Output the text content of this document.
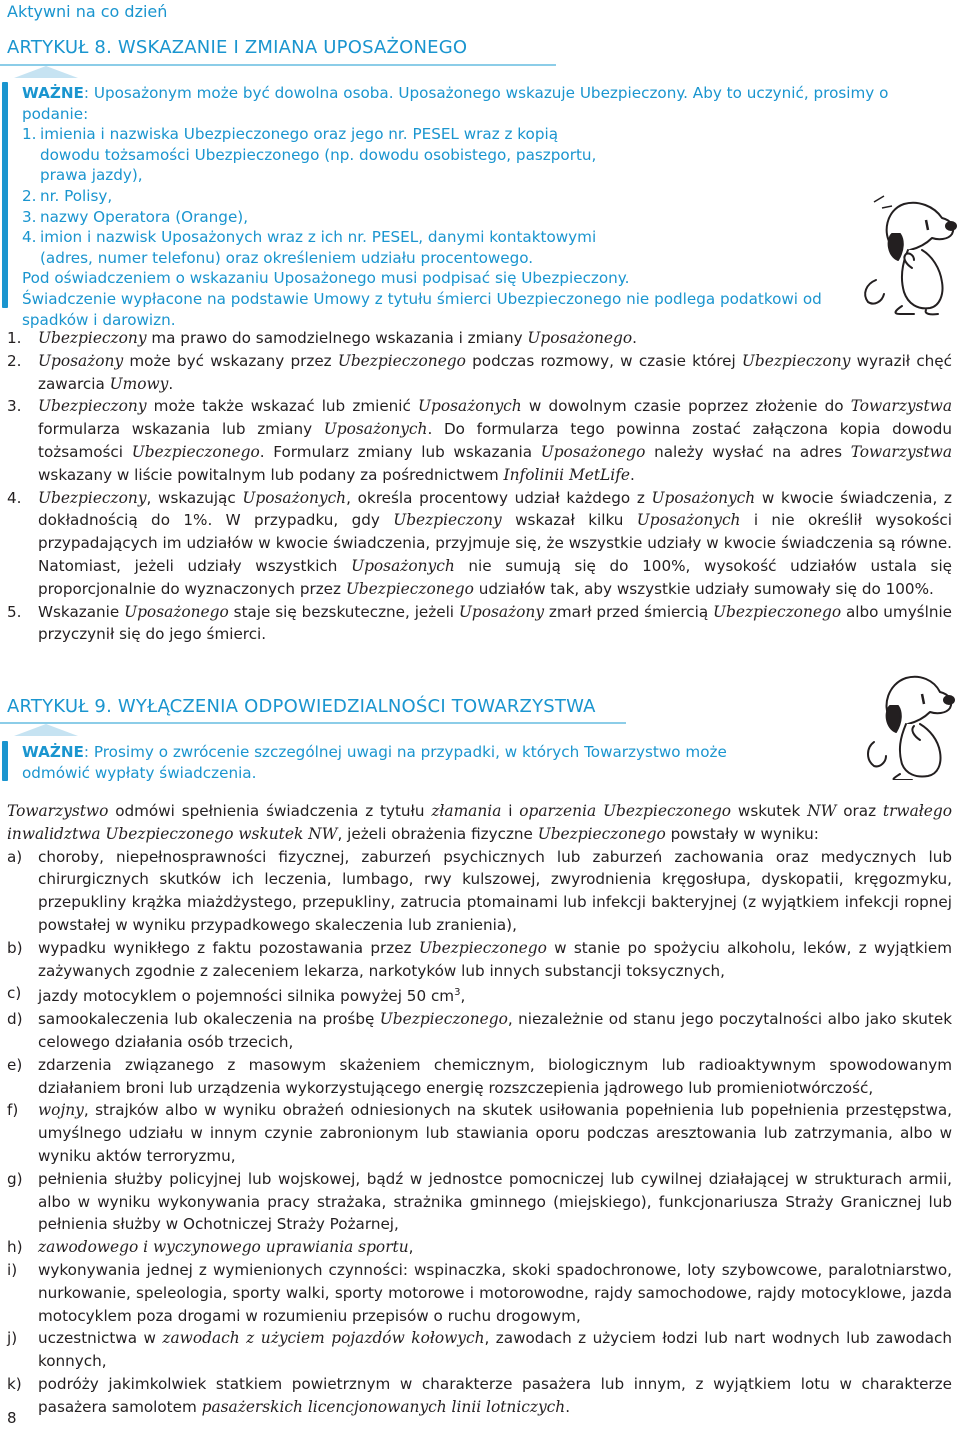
Aktywni na co dzień
ARTYKUŁ 8. WSKAZANIE I ZMIANA UPOSAŻONEGO
WAŻNE: Uposażonym może być dowolna osoba. Uposażonego wskazuje Ubezpieczony. Aby to uczynić, prosimy o podanie:
1. imienia i nazwiska Ubezpieczonego oraz jego nr. PESEL wraz z kopią dowodu tożsamości Ubezpieczonego (np. dowodu osobistego, paszportu, prawa jazdy),
2. nr. Polisy,
3. nazwy Operatora (Orange),
4. imion i nazwisk Uposażonych wraz z ich nr. PESEL, danymi kontaktowymi (adres, numer telefonu) oraz określeniem udziału procentowego.
Pod oświadczeniem o wskazaniu Uposażonego musi podpisać się Ubezpieczony.
Świadczenie wypłacone na podstawie Umowy z tytułu śmierci Ubezpieczonego nie podlega podatkowi od spadków i darowizn.
1.	Ubezpieczony ma prawo do samodzielnego wskazania i zmiany Uposażonego.
2.	Uposażony może być wskazany przez Ubezpieczonego podczas rozmowy, w czasie której Ubezpieczony wyraził chęć zawarcia Umowy.
3.	Ubezpieczony może także wskazać lub zmienić Uposażonych w dowolnym czasie poprzez złożenie do Towarzystwa formularza wskazania lub zmiany Uposażonych. Do formularza tego powinna zostać załączona kopia dowodu tożsamości Ubezpieczonego. Formularz zmiany lub wskazania Uposażonego należy wysłać na adres Towarzystwa wskazany w liście powitalnym lub podany za pośrednictwem Infolinii MetLife.
4.	Ubezpieczony, wskazując Uposażonych, określa procentowy udział każdego z Uposażonych w kwocie świadczenia, z dokładnością do 1%. W przypadku, gdy Ubezpieczony wskazał kilku Uposażonych i nie określił wysokości przypadających im udziałów w kwocie świadczenia, przyjmuje się, że wszystkie udziały w kwocie świadczenia są równe. Natomiast, jeżeli udziały wszystkich Uposażonych nie sumują się do 100%, wysokość udziałów ustala się proporcjonalnie do wyznaczonych przez Ubezpieczonego udziałów tak, aby wszystkie udziały sumowały się do 100%.
5.	Wskazanie Uposażonego staje się bezskuteczne, jeżeli Uposażony zmarł przed śmiercią Ubezpieczonego albo umyślnie przyczynił się do jego śmierci.
ARTYKUŁ 9. WYŁĄCZENIA ODPOWIEDZIALNOŚCI TOWARZYSTWA
WAŻNE: Prosimy o zwrócenie szczególnej uwagi na przypadki, w których Towarzystwo może odmówić wypłaty świadczenia.
Towarzystwo odmówi spełnienia świadczenia z tytułu złamania i oparzenia Ubezpieczonego wskutek NW oraz trwałego inwalidztwa Ubezpieczonego wskutek NW, jeżeli obrażenia fizyczne Ubezpieczonego powstały w wyniku:
a)	choroby, niepełnosprawności fizycznej, zaburzeń psychicznych lub zaburzeń zachowania oraz medycznych lub chirurgicznych skutków ich leczenia, lumbago, rwy kulszowej, zwyrodnienia kręgosłupa, dyskopatii, kręgozmyku, przepukliny krążka miażdżystego, przepukliny, zatrucia ptomainami lub infekcji bakteryjnej (z wyjątkiem infekcji ropnej powstałej w wyniku przypadkowego skaleczenia lub zranienia),
b)	wypadku wynikłego z faktu pozostawania przez Ubezpieczonego w stanie po spożyciu alkoholu, leków, z wyjątkiem zażywanych zgodnie z zaleceniem lekarza, narkotyków lub innych substancji toksycznych,
c)	jazdy motocyklem o pojemności silnika powyżej 50 $cm^3$,
d)	samookaleczenia lub okaleczenia na prośbę Ubezpieczonego, niezależnie od stanu jego poczytalności albo jako skutek celowego działania osób trzecich,
e)	zdarzenia związanego z masowym skażeniem chemicznym, biologicznym lub radioaktywnym spowodowanym działaniem broni lub urządzenia wykorzystującego energię rozszczepienia jądrowego lub promieniotwórczość,
f)	wojny, strajków albo w wyniku obrażeń odniesionych na skutek usiłowania popełnienia lub popełnienia przestępstwa, umyślnego udziału w innym czynie zabronionym lub stawiania oporu podczas aresztowania lub zatrzymania, albo w wyniku aktów terroryzmu,
g)	pełnienia służby policyjnej lub wojskowej, bądź w jednostce pomocniczej lub cywilnej działającej w strukturach armii, albo w wyniku wykonywania pracy strażaka, strażnika gminnego (miejskiego), funkcjonariusza Straży Granicznej lub pełnienia służby w Ochotniczej Straży Pożarnej,
h)	zawodowego i wyczynowego uprawiania sportu,
i)	wykonywania jednej z wymienionych czynności: wspinaczka, skoki spadochronowe, loty szybowcowe, paralotniarstwo, nurkowanie, speleologia, sporty walki, sporty motorowe i motorowodne, rajdy samochodowe, rajdy motocyklowe, jazda motocyklem poza drogami w rozumieniu przepisów o ruchu drogowym,
j)	uczestnictwa w zawodach z użyciem pojazdów kołowych, zawodach z użyciem łodzi lub nart wodnych lub zawodach konnych,
k)	podróży jakimkolwiek statkiem powietrznym w charakterze pasażera lub innym, z wyjątkiem lotu w charakterze pasażera samolotem pasażerskich licencjonowanych linii lotniczych.
8
